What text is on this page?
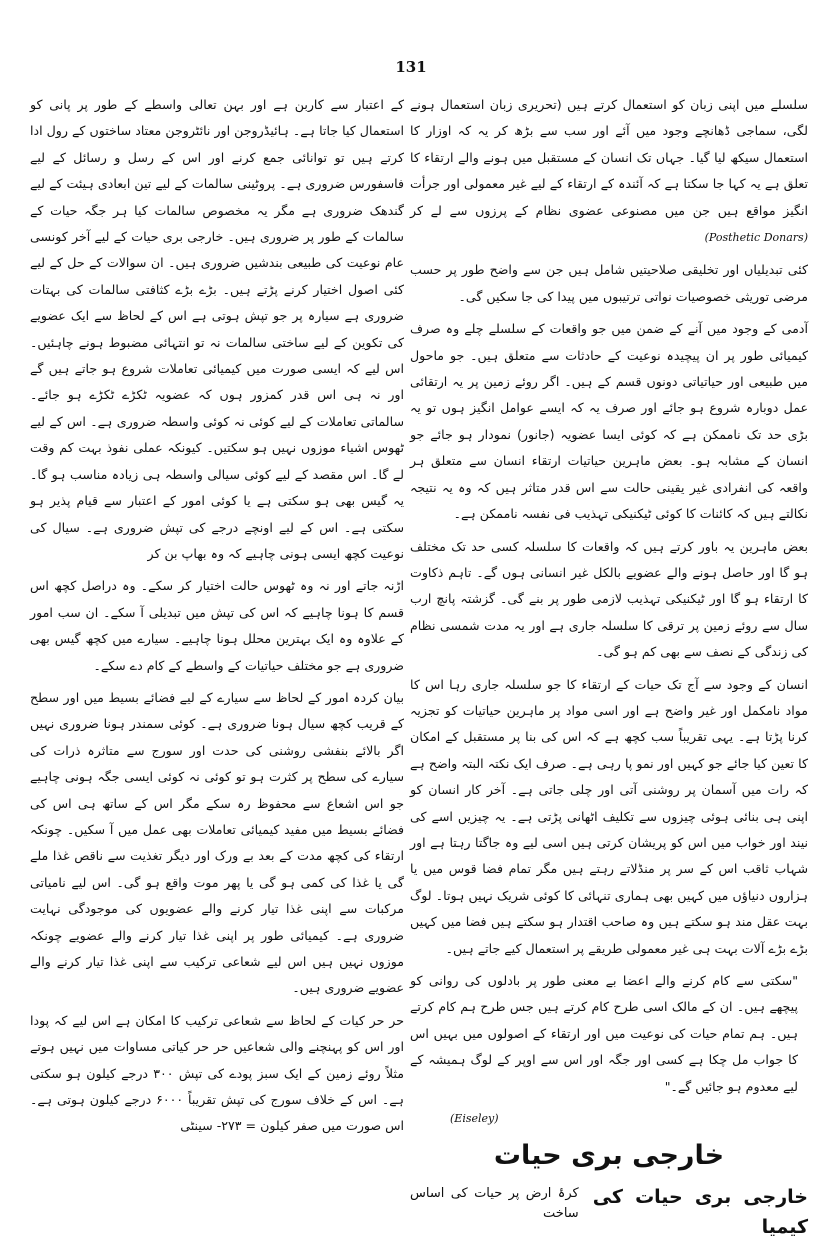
131

سلسلے میں اپنی زبان کو استعمال کرتے ہیں (تحریری زبان استعمال ہونے لگی، سماجی ڈھانچے وجود میں آئے اور سب سے بڑھ کر یہ کہ اوزار کا استعمال سیکھ لیا گیا۔ جہاں تک انسان کے مستقبل میں ہونے والے ارتقاء کا تعلق ہے یہ کہا جا سکتا ہے کہ آئندہ کے ارتقاء کے لیے غیر معمولی اور جرأت انگیز مواقع ہیں جن میں مصنوعی عضوی نظام کے پرزوں سے لے کر (Posthetic Donars)

کئی تبدیلیاں اور تخلیقی صلاحیتیں شامل ہیں جن سے واضح طور پر حسب مرضی توریثی خصوصیات نواتی ترتیبوں میں پیدا کی جا سکیں گی۔

آدمی کے وجود میں آنے کے ضمن میں جو واقعات کے سلسلے چلے وہ صرف کیمیائی طور پر ان پیچیدہ نوعیت کے حادثات سے متعلق ہیں۔ جو ماحول میں طبیعی اور حیاتیاتی دونوں قسم کے ہیں۔ اگر روئے زمین پر یہ ارتقائی عمل دوبارہ شروع ہو جائے اور صرف یہ کہ ایسے عوامل انگیز ہوں تو یہ بڑی حد تک ناممکن ہے کہ کوئی ایسا عضویہ (جانور) نمودار ہو جائے جو انسان کے مشابہ ہو۔ بعض ماہرین حیاتیات ارتقاء انسان سے متعلق ہر واقعہ کی انفرادی غیر یقینی حالت سے اس قدر متاثر ہیں کہ وہ یہ نتیجہ نکالتے ہیں کہ کائنات کا کوئی ٹیکنیکی تہذیب فی نفسہ ناممکن ہے۔

بعض ماہرین یہ باور کرتے ہیں کہ واقعات کا سلسلہ کسی حد تک مختلف ہو گا اور حاصل ہونے والے عضویے بالکل غیر انسانی ہوں گے۔ تاہم ذکاوت کا ارتقاء ہو گا اور ٹیکنیکی تہذیب لازمی طور پر بنے گی۔ گزشتہ پانچ ارب سال سے روئے زمین پر ترقی کا سلسلہ جاری ہے اور یہ مدت شمسی نظام کی زندگی کے نصف سے بھی کم ہو گی۔

انسان کے وجود سے آج تک حیات کے ارتقاء کا جو سلسلہ جاری رہا اس کا مواد نامکمل اور غیر واضح ہے اور اسی مواد پر ماہرین حیاتیات کو تجزیہ کرنا پڑتا ہے۔ یہی تقریباً سب کچھ ہے کہ اس کی بنا پر مستقبل کے امکان کا تعین کیا جائے جو کہیں اور نمو پا رہی ہے۔ صرف ایک نکتہ البتہ واضح ہے کہ رات میں آسمان پر روشنی آتی اور چلی جاتی ہے۔ آخر کار انسان کو اپنی ہی بنائی ہوئی چیزوں سے تکلیف اٹھانی پڑتی ہے۔ یہ چیزیں اسے کی نیند اور خواب میں اس کو پریشان کرتی ہیں اسی لیے وہ جاگتا رہتا ہے اور شہاب ثاقب اس کے سر پر منڈلاتے رہتے ہیں مگر تمام فضا قوس میں یا ہزاروں دنیاؤں میں کہیں بھی ہماری تنہائی کا کوئی شریک نہیں ہوتا۔ لوگ بہت عقل مند ہو سکتے ہیں وہ صاحب اقتدار ہو سکتے ہیں فضا میں کہیں بڑے بڑے آلات بہت ہی غیر معمولی طریقے پر استعمال کیے جاتے ہیں۔

"سکتی سے کام کرنے والے اعضا بے معنی طور پر بادلوں کی روانی کو پیچھے ہیں۔ ان کے مالک اسی طرح کام کرتے ہیں جس طرح ہم کام کرتے ہیں۔ ہم تمام حیات کی نوعیت میں اور ارتقاء کے اصولوں میں بہیں اس کا جواب مل چکا ہے کسی اور جگہ اور اس سے اوپر کے لوگ ہمیشہ کے لیے معدوم ہو جائیں گے۔"

(Eiseley)
خارجی بری حیات
خارجی بری حیات کی کیمیا
کرۂ ارض پر حیات کی اساس ساخت

کے اعتبار سے کاربن ہے اور بہن تعالی واسطے کے طور پر پانی کو استعمال کیا جاتا ہے۔ ہائیڈروجن اور نائٹروجن معتاد ساختوں کے رول ادا کرتے ہیں تو توانائی جمع کرنے اور اس کے رسل و رسائل کے لیے فاسفورس ضروری ہے۔ پروٹینی سالمات کے لیے تین ابعادی ہیئت کے لیے گندھک ضروری ہے مگر یہ مخصوص سالمات کیا ہر جگہ حیات کے سالمات کے طور پر ضروری ہیں۔ خارجی بری حیات کے لیے آخر کونسی عام نوعیت کی طبیعی بندشیں ضروری ہیں۔ ان سوالات کے حل کے لیے کئی اصول اختیار کرنے پڑتے ہیں۔ بڑے بڑے کثافتی سالمات کی بہتات ضروری ہے سیارہ پر جو تپش ہوتی ہے اس کے لحاظ سے ایک عضویے کی تکوین کے لیے ساختی سالمات نہ تو انتہائی مضبوط ہونے چاہئیں۔ اس لیے کہ ایسی صورت میں کیمیائی تعاملات شروع ہو جاتے ہیں گے اور نہ ہی اس قدر کمزور ہوں کہ عضویہ ٹکڑے ٹکڑے ہو جائے۔ سالماتی تعاملات کے لیے کوئی نہ کوئی واسطہ ضروری ہے۔ اس کے لیے ٹھوس اشیاء موزوں نہیں ہو سکتیں۔ کیونکہ عملی نفوذ بہت کم وقت لے گا۔ اس مقصد کے لیے کوئی سیالی واسطہ ہی زیادہ مناسب ہو گا۔ یہ گیس بھی ہو سکتی ہے یا کوئی امور کے اعتبار سے قیام پذیر ہو سکتی ہے۔ اس کے لیے اونچے درجے کی تپش ضروری ہے۔ سیال کی نوعیت کچھ ایسی ہونی چاہیے کہ وہ بھاپ بن کر

اڑنہ جاتے اور نہ وہ ٹھوس حالت اختیار کر سکے۔ وہ دراصل کچھ اس قسم کا ہونا چاہیے کہ اس کی تپش میں تبدیلی آ سکے۔ ان سب امور کے علاوہ وہ ایک بہترین محلل ہونا چاہیے۔ سیارے میں کچھ گیس بھی ضروری ہے جو مختلف حیاتیات کے واسطے کے کام دے سکے۔

بیان کردہ امور کے لحاظ سے سیارے کے لیے فضائے بسیط میں اور سطح کے قریب کچھ سیال ہونا ضروری ہے۔ کوئی سمندر ہونا ضروری نہیں اگر بالائے بنفشی روشنی کی حدت اور سورج سے متاثرہ ذرات کی سیارے کی سطح پر کثرت ہو تو کوئی نہ کوئی ایسی جگہ ہونی چاہیے جو اس اشعاع سے محفوظ رہ سکے مگر اس کے ساتھ ہی اس کی فضائے بسیط میں مفید کیمیائی تعاملات بھی عمل میں آ سکیں۔ چونکہ ارتقاء کی کچھ مدت کے بعد بے ورک اور دیگر تغذیت سے ناقص غذا ملے گی یا غذا کی کمی ہو گی یا پھر موت واقع ہو گی۔ اس لیے نامیاتی مرکبات سے اپنی غذا تیار کرنے والے عضویوں کی موجودگی نہایت ضروری ہے۔ کیمیائی طور پر اپنی غذا تیار کرنے والے عضویے چونکہ موزوں نہیں ہیں اس لیے شعاعی ترکیب سے اپنی غذا تیار کرنے والے عضویے ضروری ہیں۔

حر حر کیات کے لحاظ سے شعاعی ترکیب کا امکان ہے اس لیے کہ پودا اور اس کو پہنچنے والی شعاعیں حر حر کیاتی مساوات میں نہیں ہوتے مثلاً روئے زمین کے ایک سبز پودے کی تپش ۳۰۰ درجے کیلون ہو سکتی ہے۔ اس کے خلاف سورج کی تپش تقریباً ۶۰۰۰ درجے کیلون ہوتی ہے۔ اس صورت میں صفر کیلون = ۲۷۳- سینٹی
